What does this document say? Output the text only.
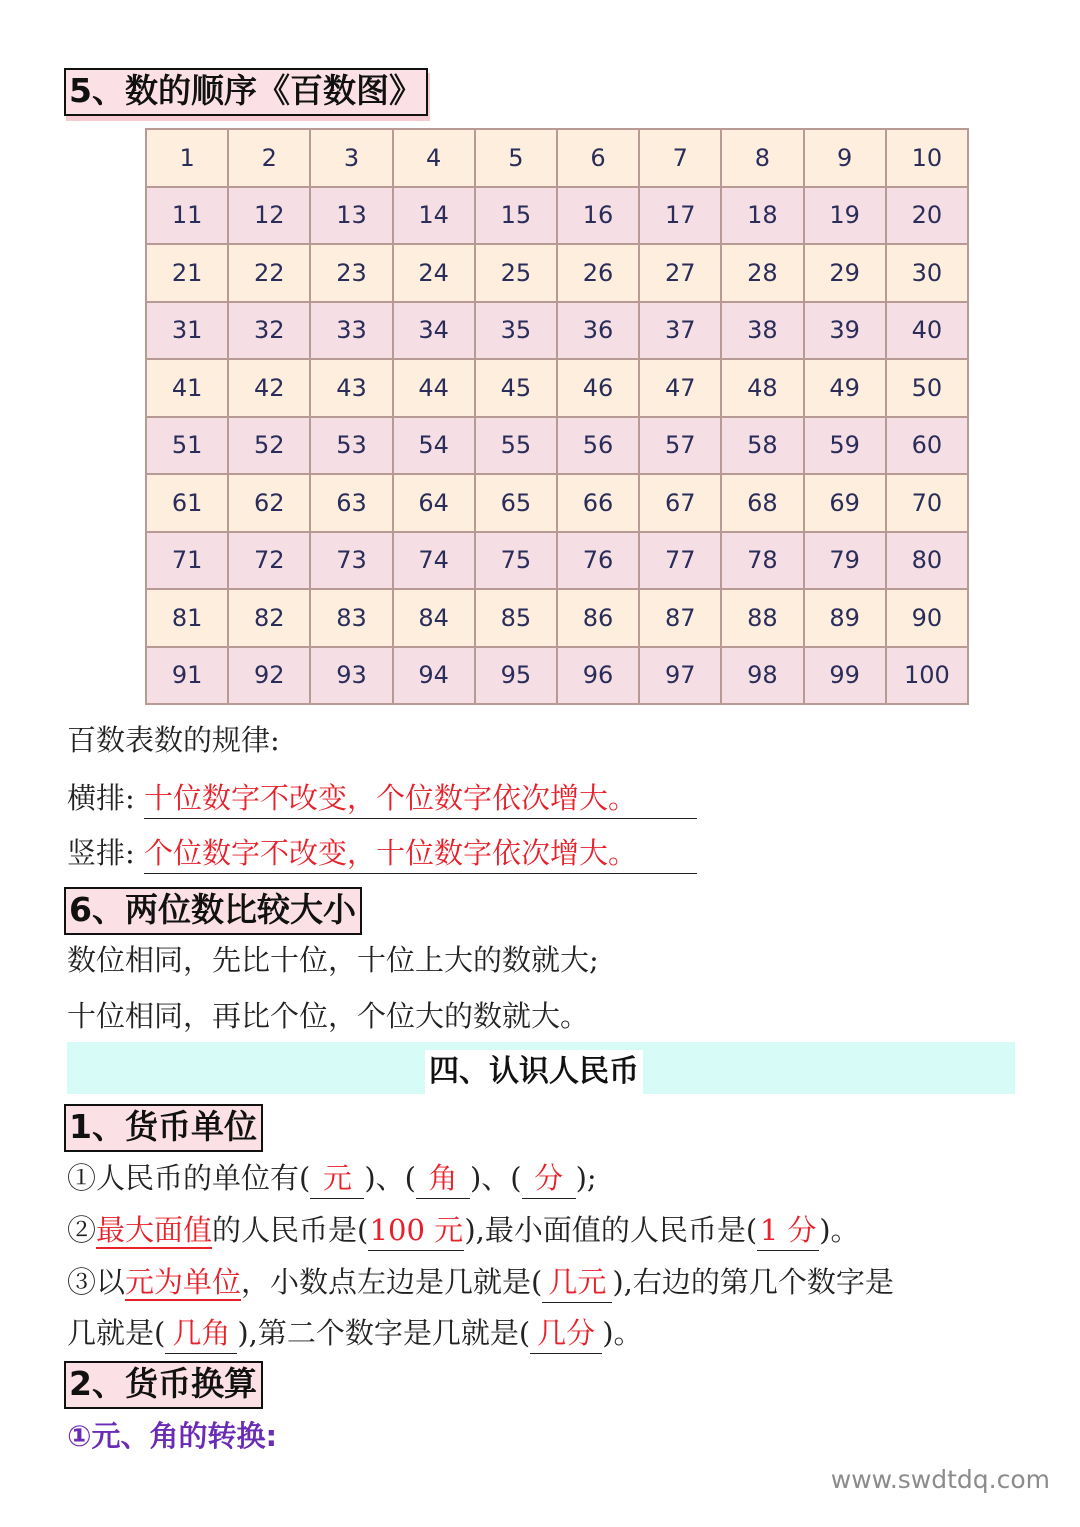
5、数的顺序《百数图》
1	2	3	4	5	6	7	8	9	10
11	12	13	14	15	16	17	18	19	20
21	22	23	24	25	26	27	28	29	30
31	32	33	34	35	36	37	38	39	40
41	42	43	44	45	46	47	48	49	50
51	52	53	54	55	56	57	58	59	60
61	62	63	64	65	66	67	68	69	70
71	72	73	74	75	76	77	78	79	80
81	82	83	84	85	86	87	88	89	90
91	92	93	94	95	96	97	98	99	100
百数表数的规律:
横排: 十位数字不改变，个位数字依次增大。
竖排: 个位数字不改变，十位数字依次增大。
6、两位数比较大小
数位相同，先比十位，十位上大的数就大;
十位相同，再比个位，个位大的数就大。
四、认识人民币
1、货币单位
①人民币的单位有( 元 )、( 角 )、( 分 );
②最大面值的人民币是(100 元),最小面值的人民币是(1 分)。
③以元为单位，小数点左边是几就是( 几元 ),右边的第几个数字是
几就是( 几角 ),第二个数字是几就是( 几分 )。
2、货币换算
①元、角的转换:
www.swdtdq.com
